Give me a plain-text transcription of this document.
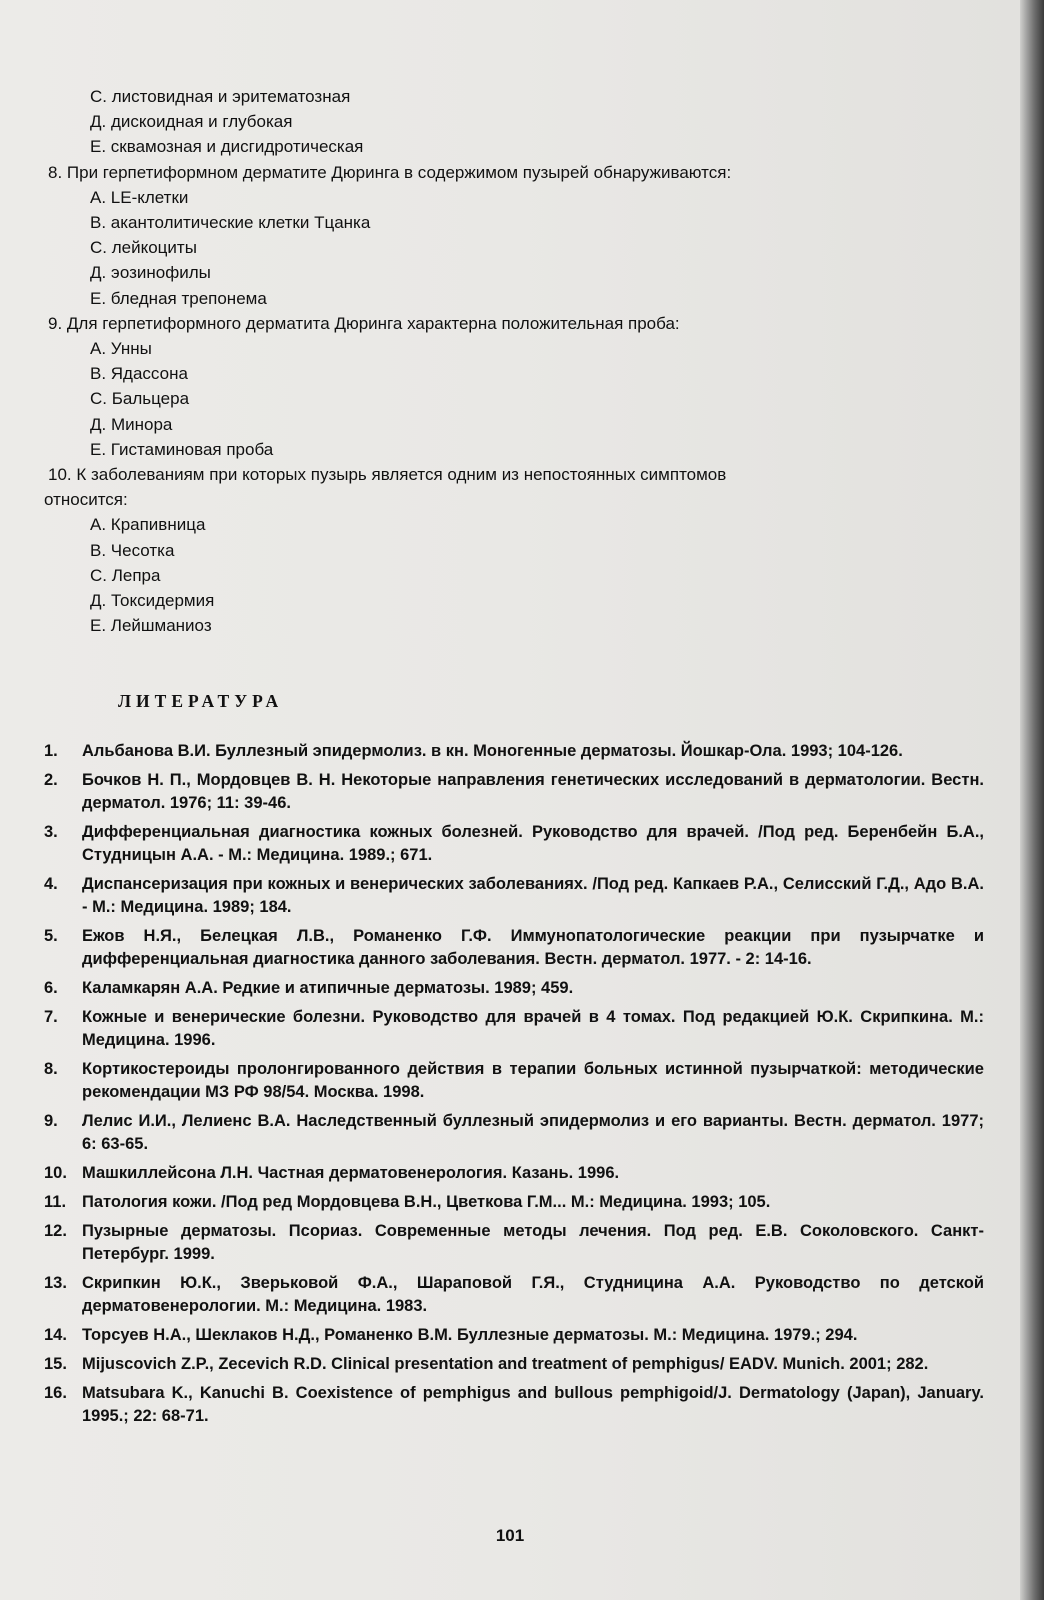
С. листовидная и эритематозная
Д. дискоидная и глубокая
Е. сквамозная и дисгидротическая
8. При герпетиформном дерматите Дюринга в содержимом пузырей обнаруживаются:
А. LE-клетки
В. акантолитические клетки Тцанка
С. лейкоциты
Д. эозинофилы
Е. бледная трепонема
9. Для герпетиформного дерматита Дюринга характерна положительная проба:
А. Унны
В. Ядассона
С. Бальцера
Д. Минора
Е. Гистаминовая проба
10. К заболеваниям при которых пузырь является одним из непостоянных симптомов
относится:
А. Крапивница
В. Чесотка
С. Лепра
Д. Токсидермия
Е. Лейшманиоз
ЛИТЕРАТУРА
1.	Альбанова В.И. Буллезный эпидермолиз. в кн. Моногенные дерматозы. Йошкар-Ола. 1993; 104-126.
2.	Бочков Н. П., Мордовцев В. Н. Некоторые направления генетических исследований в дерматологии. Вестн. дерматол. 1976; 11: 39-46.
3.	Дифференциальная диагностика кожных болезней. Руководство для врачей. /Под ред. Беренбейн Б.А., Студницын А.А. - М.: Медицина. 1989.; 671.
4.	Диспансеризация при кожных и венерических заболеваниях. /Под ред. Капкаев Р.А., Селисский Г.Д., Адо В.А. - М.: Медицина. 1989; 184.
5.	Ежов Н.Я., Белецкая Л.В., Романенко Г.Ф. Иммунопатологические реакции при пузырчатке и дифференциальная диагностика данного заболевания. Вестн. дерматол. 1977. - 2: 14-16.
6.	Каламкарян А.А. Редкие и атипичные дерматозы. 1989; 459.
7.	Кожные и венерические болезни. Руководство для врачей в 4 томах. Под редакцией Ю.К. Скрипкина. М.: Медицина. 1996.
8.	Кортикостероиды пролонгированного действия в терапии больных истинной пузырчаткой: методические рекомендации МЗ РФ 98/54. Москва. 1998.
9.	Лелис И.И., Лелиенс В.А. Наследственный буллезный эпидермолиз и его варианты. Вестн. дерматол. 1977; 6: 63-65.
10. Машкиллейсона Л.Н. Частная дерматовенерология. Казань. 1996.
11. Патология кожи. /Под ред Мордовцева В.Н., Цветкова Г.М... М.: Медицина. 1993; 105.
12. Пузырные дерматозы. Псориаз. Современные методы лечения. Под ред. Е.В. Соколовского. Санкт-Петербург. 1999.
13. Скрипкин Ю.К., Зверьковой Ф.А., Шараповой Г.Я., Студницина А.А. Руководство по детской дерматовенерологии. М.: Медицина. 1983.
14. Торсуев Н.А., Шеклаков Н.Д., Романенко В.М. Буллезные дерматозы. М.: Медицина. 1979.; 294.
15. Mijuscovich Z.P., Zecevich R.D. Clinical presentation and treatment of pemphigus/ EADV. Munich. 2001; 282.
16. Matsubara K., Kanuchi B. Coexistence of pemphigus and bullous pemphigoid/J. Dermatology (Japan), January. 1995.; 22: 68-71.
101
